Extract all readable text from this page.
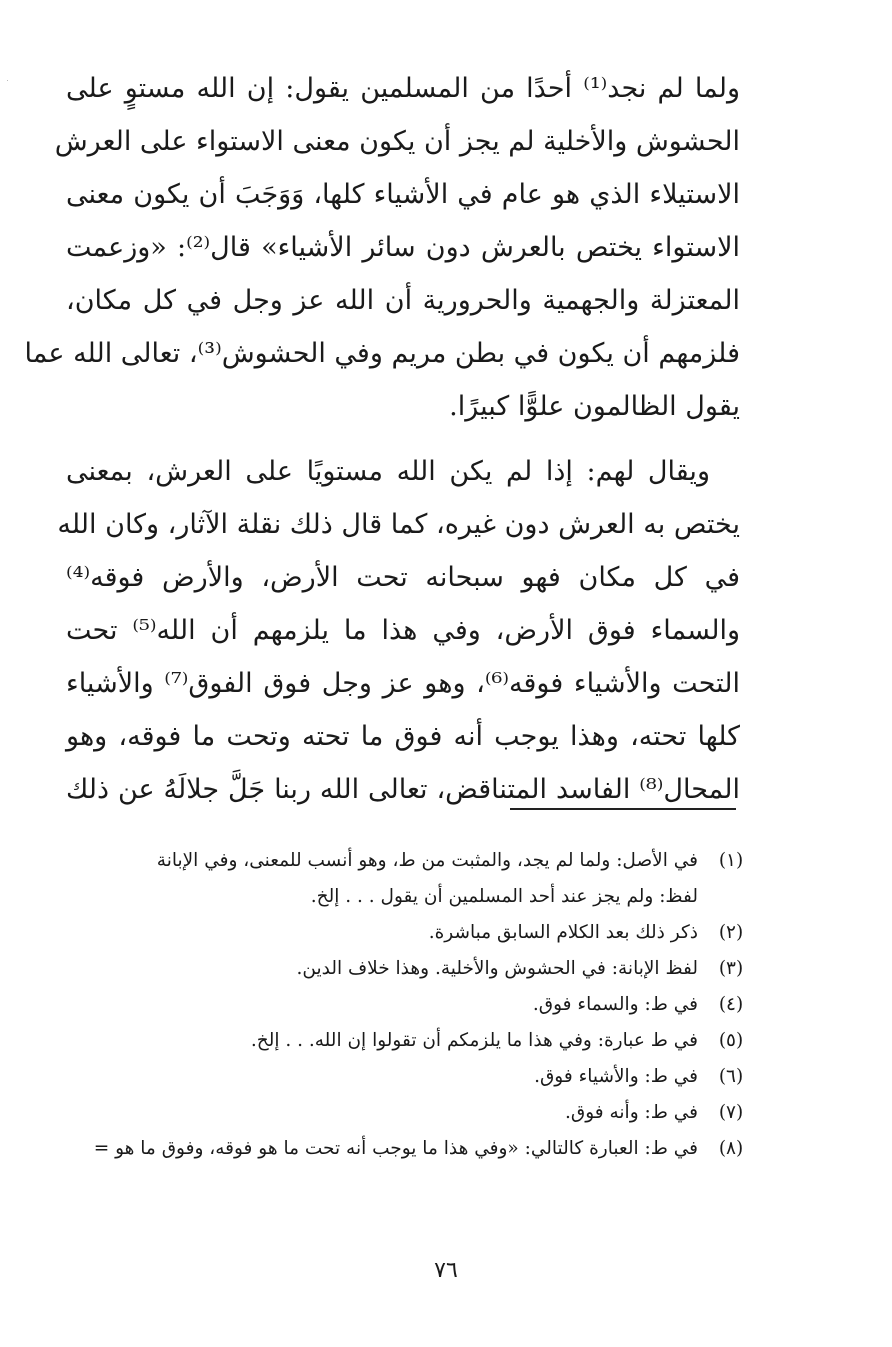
ولما لم نجد⁽¹⁾ أحدًا من المسلمين يقول: إن الله مستوٍ على
الحشوش والأخلية لم يجز أن يكون معنى الاستواء على العرش
الاستيلاء الذي هو عام في الأشياء كلها، وَوَجَبَ أن يكون معنى
الاستواء يختص بالعرش دون سائر الأشياء» قال⁽²⁾: «وزعمت
المعتزلة والجهمية والحرورية أن الله عز وجل في كل مكان،
فلزمهم أن يكون في بطن مريم وفي الحشوش⁽³⁾، تعالى الله عما
يقول الظالمون علوًّا كبيرًا.

ويقال لهم: إذا لم يكن الله مستويًا على العرش، بمعنى
يختص به العرش دون غيره، كما قال ذلك نقلة الآثار، وكان الله
في كل مكان فهو سبحانه تحت الأرض، والأرض فوقه⁽⁴⁾
والسماء فوق الأرض، وفي هذا ما يلزمهم أن الله⁽⁵⁾ تحت
التحت والأشياء فوقه⁽⁶⁾، وهو عز وجل فوق الفوق⁽⁷⁾ والأشياء
كلها تحته، وهذا يوجب أنه فوق ما تحته وتحت ما فوقه، وهو
المحال⁽⁸⁾ الفاسد المتناقض، تعالى الله ربنا جَلَّ جلالَهُ عن ذلك

(١)
في الأصل: ولما لم يجد، والمثبت من ط، وهو أنسب للمعنى، وفي الإبانة
لفظ: ولم يجز عند أحد المسلمين أن يقول . . . إلخ.
(٢)
ذكر ذلك بعد الكلام السابق مباشرة.
(٣)
لفظ الإبانة: في الحشوش والأخلية. وهذا خلاف الدين.
(٤)
في ط: والسماء فوق.
(٥)
في ط عبارة: وفي هذا ما يلزمكم أن تقولوا إن الله. . . إلخ.
(٦)
في ط: والأشياء فوق.
(٧)
في ط: وأنه فوق.
(٨)
في ط: العبارة كالتالي: «وفي هذا ما يوجب أنه تحت ما هو فوقه، وفوق ما هو =
٧٦
